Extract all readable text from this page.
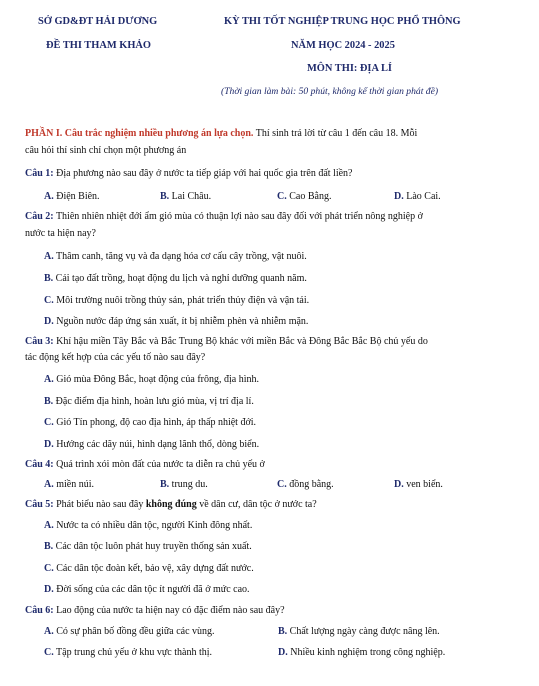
SỞ GD&ĐT HẢI DƯƠNG
ĐỀ THI THAM KHẢO
KỲ THI TỐT NGHIỆP TRUNG HỌC PHỔ THÔNG
NĂM HỌC 2024 - 2025
MÔN THI: ĐỊA LÍ
(Thời gian làm bài: 50 phút, không kể thời gian phát đề)
PHẦN I. Câu trắc nghiệm nhiều phương án lựa chọn. Thí sinh trả lời từ câu 1 đến câu 18. Mỗi
câu hỏi thí sinh chỉ chọn một phương án
Câu 1: Địa phương nào sau đây ở nước ta tiếp giáp với hai quốc gia trên đất liền?
A. Điện Biên.	B. Lai Châu.	C. Cao Bằng.	D. Lào Cai.
Câu 2: Thiên nhiên nhiệt đới ẩm gió mùa có thuận lợi nào sau đây đối với phát triển nông nghiệp ở
nước ta hiện nay?
A. Thâm canh, tăng vụ và đa dạng hóa cơ cấu cây trồng, vật nuôi.
B. Cải tạo đất trồng, hoạt động du lịch và nghỉ dưỡng quanh năm.
C. Môi trường nuôi trồng thủy sản, phát triển thủy điện và vận tải.
D. Nguồn nước đáp ứng sản xuất, ít bị nhiễm phèn và nhiễm mặn.
Câu 3: Khí hậu miền Tây Bắc và Bắc Trung Bộ khác với miền Bắc và Đông Bắc Bắc Bộ chủ yếu do
tác động kết hợp của các yếu tố nào sau đây?
A. Gió mùa Đông Bắc, hoạt động của frông, địa hình.
B. Đặc điểm địa hình, hoàn lưu gió mùa, vị trí địa lí.
C. Gió Tín phong, độ cao địa hình, áp thấp nhiệt đới.
D. Hướng các dãy núi, hình dạng lãnh thổ, dòng biển.
Câu 4: Quá trình xói mòn đất của nước ta diễn ra chủ yếu ở
A. miền núi.	B. trung du.	C. đồng bằng.	D. ven biển.
Câu 5: Phát biểu nào sau đây không đúng về dân cư, dân tộc ở nước ta?
A. Nước ta có nhiều dân tộc, người Kinh đông nhất.
B. Các dân tộc luôn phát huy truyền thống sản xuất.
C. Các dân tộc đoàn kết, bảo vệ, xây dựng đất nước.
D. Đời sống của các dân tộc ít người đã ở mức cao.
Câu 6: Lao động của nước ta hiện nay có đặc điểm nào sau đây?
A. Có sự phân bố đồng đều giữa các vùng.	B. Chất lượng ngày càng được nâng lên.
C. Tập trung chủ yếu ở khu vực thành thị.	D. Nhiều kinh nghiệm trong công nghiệp.
